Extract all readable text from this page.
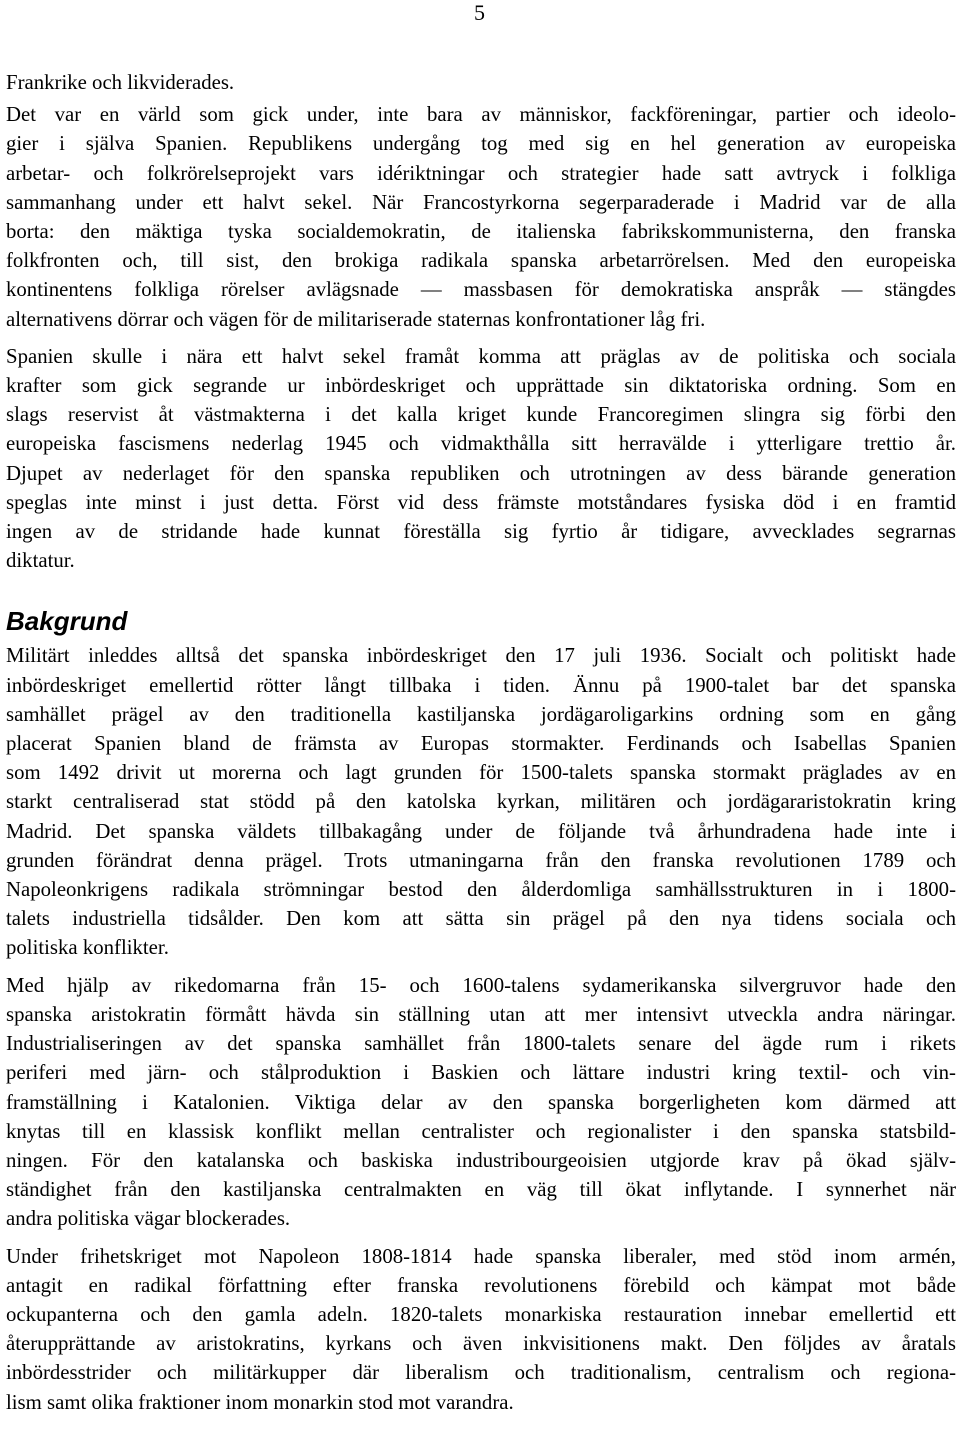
5

Frankrike och likviderades.

Det var en värld som gick under, inte bara av människor, fackföreningar, partier och ideolo-
gier i själva Spanien. Republikens undergång tog med sig en hel generation av europeiska
arbetar- och folkrörelseprojekt vars idériktningar och strategier hade satt avtryck i folkliga
sammanhang under ett halvt sekel. När Francostyrkorna segerparaderade i Madrid var de alla
borta: den mäktiga tyska socialdemokratin, de italienska fabrikskommunisterna, den franska
folkfronten och, till sist, den brokiga radikala spanska arbetarrörelsen. Med den europeiska
kontinentens folkliga rörelser avlägsnade — massbasen för demokratiska anspråk — stängdes
alternativens dörrar och vägen för de militariserade staternas konfrontationer låg fri.

Spanien skulle i nära ett halvt sekel framåt komma att präglas av de politiska och sociala
krafter som gick segrande ur inbördeskriget och upprättade sin diktatoriska ordning. Som en
slags reservist åt västmakterna i det kalla kriget kunde Francoregimen slingra sig förbi den
europeiska fascismens nederlag 1945 och vidmakthålla sitt herravälde i ytterligare trettio år.
Djupet av nederlaget för den spanska republiken och utrotningen av dess bärande generation
speglas inte minst i just detta. Först vid dess främste motståndares fysiska död i en framtid
ingen av de stridande hade kunnat föreställa sig fyrtio år tidigare, avvecklades segrarnas
diktatur.

Bakgrund

Militärt inleddes alltså det spanska inbördeskriget den 17 juli 1936. Socialt och politiskt hade
inbördeskriget emellertid rötter långt tillbaka i tiden. Ännu på 1900-talet bar det spanska
samhället prägel av den traditionella kastiljanska jordägaroligarkins ordning som en gång
placerat Spanien bland de främsta av Europas stormakter. Ferdinands och Isabellas Spanien
som 1492 drivit ut morerna och lagt grunden för 1500-talets spanska stormakt präglades av en
starkt centraliserad stat stödd på den katolska kyrkan, militären och jordägararistokratin kring
Madrid. Det spanska väldets tillbakagång under de följande två århundradena hade inte i
grunden förändrat denna prägel. Trots utmaningarna från den franska revolutionen 1789 och
Napoleonkrigens radikala strömningar bestod den ålderdomliga samhällsstrukturen in i 1800-
talets industriella tidsålder. Den kom att sätta sin prägel på den nya tidens sociala och
politiska konflikter.

Med hjälp av rikedomarna från 15- och 1600-talens sydamerikanska silvergruvor hade den
spanska aristokratin förmått hävda sin ställning utan att mer intensivt utveckla andra näringar.
Industrialiseringen av det spanska samhället från 1800-talets senare del ägde rum i rikets
periferi med järn- och stålproduktion i Baskien och lättare industri kring textil- och vin-
framställning i Katalonien. Viktiga delar av den spanska borgerligheten kom därmed att
knytas till en klassisk konflikt mellan centralister och regionalister i den spanska statsbild-
ningen. För den katalanska och baskiska industribourgeoisien utgjorde krav på ökad själv-
ständighet från den kastiljanska centralmakten en väg till ökat inflytande. I synnerhet när
andra politiska vägar blockerades.

Under frihetskriget mot Napoleon 1808-1814 hade spanska liberaler, med stöd inom armén,
antagit en radikal författning efter franska revolutionens förebild och kämpat mot både
ockupanterna och den gamla adeln. 1820-talets monarkiska restauration innebar emellertid ett
återupprättande av aristokratins, kyrkans och även inkvisitionens makt. Den följdes av åratals
inbördesstrider och militärkupper där liberalism och traditionalism, centralism och regiona-
lism samt olika fraktioner inom monarkin stod mot varandra.
